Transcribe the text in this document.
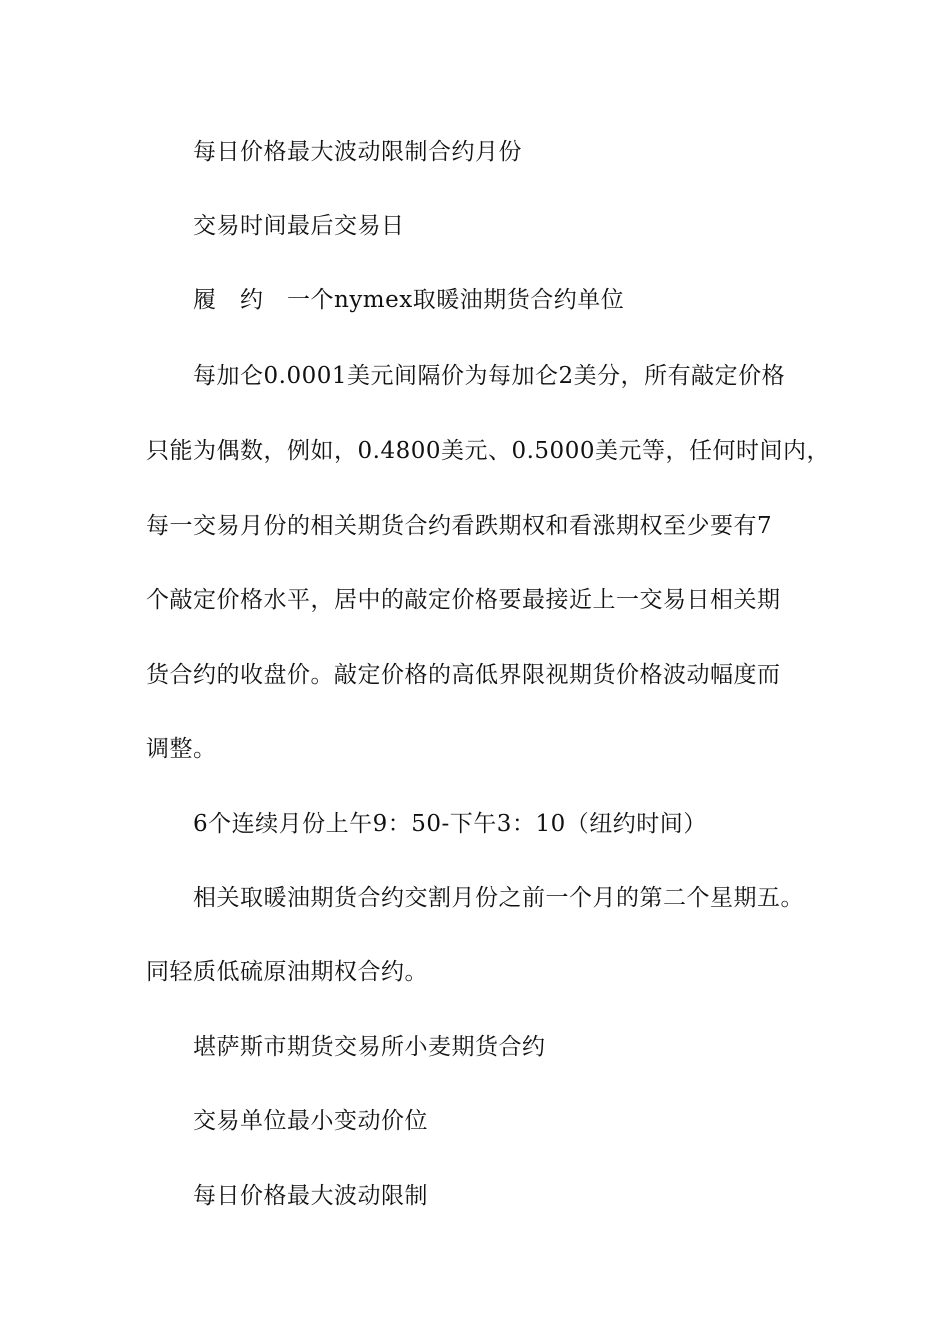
每日价格最大波动限制合约月份
交易时间最后交易日
履　约　一个nymex取暖油期货合约单位
每加仑0.0001美元间隔价为每加仑2美分，所有敲定价格
只能为偶数，例如，0.4800美元、0.5000美元等，任何时间内，
每一交易月份的相关期货合约看跌期权和看涨期权至少要有7
个敲定价格水平，居中的敲定价格要最接近上一交易日相关期
货合约的收盘价。敲定价格的高低界限视期货价格波动幅度而
调整。
6个连续月份上午9：50-下午3：10（纽约时间）
相关取暖油期货合约交割月份之前一个月的第二个星期五。
同轻质低硫原油期权合约。
堪萨斯市期货交易所小麦期货合约
交易单位最小变动价位
每日价格最大波动限制
